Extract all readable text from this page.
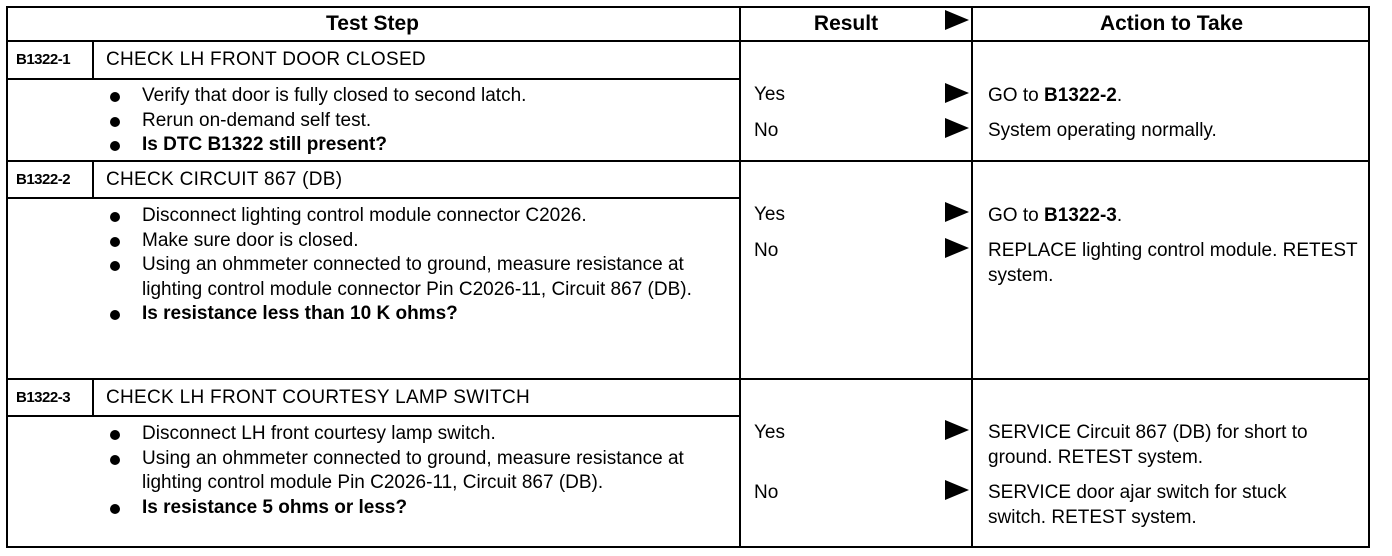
Test Step	Result	Action to Take
B1322-1 CHECK LH FRONT DOOR CLOSED
Verify that door is fully closed to second latch.
Rerun on-demand self test.
Is DTC B1322 still present?
Yes	GO to B1322-2.
No	System operating normally.
B1322-2 CHECK CIRCUIT 867 (DB)
Disconnect lighting control module connector C2026.
Make sure door is closed.
Using an ohmmeter connected to ground, measure resistance at lighting control module connector Pin C2026-11, Circuit 867 (DB).
Is resistance less than 10 K ohms?
Yes	GO to B1322-3.
No	REPLACE lighting control module. RETEST system.
B1322-3 CHECK LH FRONT COURTESY LAMP SWITCH
Disconnect LH front courtesy lamp switch.
Using an ohmmeter connected to ground, measure resistance at lighting control module Pin C2026-11, Circuit 867 (DB).
Is resistance 5 ohms or less?
Yes	SERVICE Circuit 867 (DB) for short to ground. RETEST system.
No	SERVICE door ajar switch for stuck switch. RETEST system.
